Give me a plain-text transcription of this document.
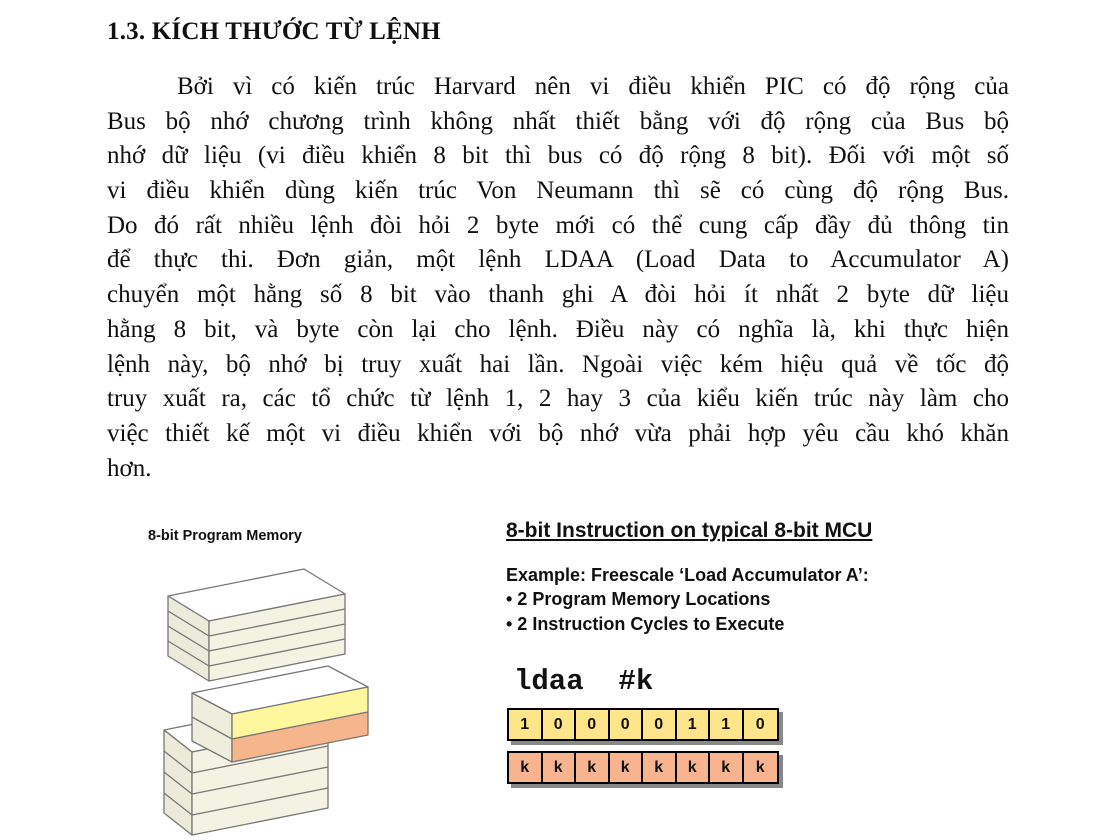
1.3. KÍCH THƯỚC TỪ LỆNH
Bởi vì có kiến trúc Harvard nên vi điều khiển PIC có độ rộng của
Bus bộ nhớ chương trình không nhất thiết bằng với độ rộng của Bus bộ
nhớ dữ liệu (vi điều khiển 8 bit thì bus có độ rộng 8 bit). Đối với một số
vi điều khiển dùng kiến trúc Von Neumann thì sẽ có cùng độ rộng Bus.
Do đó rất nhiều lệnh đòi hỏi 2 byte mới có thể cung cấp đầy đủ thông tin
để thực thi. Đơn giản, một lệnh LDAA (Load Data to Accumulator A)
chuyển một hằng số 8 bit vào thanh ghi A đòi hỏi ít nhất 2 byte dữ liệu
hằng 8 bit, và byte còn lại cho lệnh. Điều này có nghĩa là, khi thực hiện
lệnh này, bộ nhớ bị truy xuất hai lần. Ngoài việc kém hiệu quả về tốc độ
truy xuất ra, các tổ chức từ lệnh 1, 2 hay 3 của kiểu kiến trúc này làm cho
việc thiết kế một vi điều khiển với bộ nhớ vừa phải hợp yêu cầu khó khăn
hơn.
8-bit Program Memory	8-bit Instruction on typical 8-bit MCU
Example: Freescale ‘Load Accumulator A’:
• 2 Program Memory Locations
• 2 Instruction Cycles to Execute
ldaa  #k
1	0	0	0	0	1	1	0
k	k	k	k	k	k	k	k
